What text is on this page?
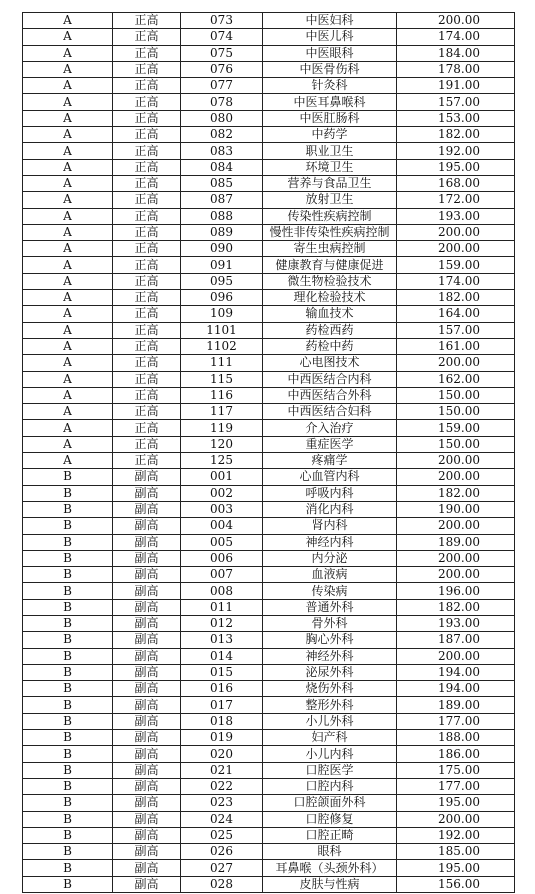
A	正高	073	中医妇科	200.00
A	正高	074	中医儿科	174.00
A	正高	075	中医眼科	184.00
A	正高	076	中医骨伤科	178.00
A	正高	077	针灸科	191.00
A	正高	078	中医耳鼻喉科	157.00
A	正高	080	中医肛肠科	153.00
A	正高	082	中药学	182.00
A	正高	083	职业卫生	192.00
A	正高	084	环境卫生	195.00
A	正高	085	营养与食品卫生	168.00
A	正高	087	放射卫生	172.00
A	正高	088	传染性疾病控制	193.00
A	正高	089	慢性非传染性疾病控制	200.00
A	正高	090	寄生虫病控制	200.00
A	正高	091	健康教育与健康促进	159.00
A	正高	095	微生物检验技术	174.00
A	正高	096	理化检验技术	182.00
A	正高	109	输血技术	164.00
A	正高	1101	药检西药	157.00
A	正高	1102	药检中药	161.00
A	正高	111	心电图技术	200.00
A	正高	115	中西医结合内科	162.00
A	正高	116	中西医结合外科	150.00
A	正高	117	中西医结合妇科	150.00
A	正高	119	介入治疗	159.00
A	正高	120	重症医学	150.00
A	正高	125	疼痛学	200.00
B	副高	001	心血管内科	200.00
B	副高	002	呼吸内科	182.00
B	副高	003	消化内科	190.00
B	副高	004	肾内科	200.00
B	副高	005	神经内科	189.00
B	副高	006	内分泌	200.00
B	副高	007	血液病	200.00
B	副高	008	传染病	196.00
B	副高	011	普通外科	182.00
B	副高	012	骨外科	193.00
B	副高	013	胸心外科	187.00
B	副高	014	神经外科	200.00
B	副高	015	泌尿外科	194.00
B	副高	016	烧伤外科	194.00
B	副高	017	整形外科	189.00
B	副高	018	小儿外科	177.00
B	副高	019	妇产科	188.00
B	副高	020	小儿内科	186.00
B	副高	021	口腔医学	175.00
B	副高	022	口腔内科	177.00
B	副高	023	口腔颌面外科	195.00
B	副高	024	口腔修复	200.00
B	副高	025	口腔正畸	192.00
B	副高	026	眼科	185.00
B	副高	027	耳鼻喉（头颈外科）	195.00
B	副高	028	皮肤与性病	156.00
